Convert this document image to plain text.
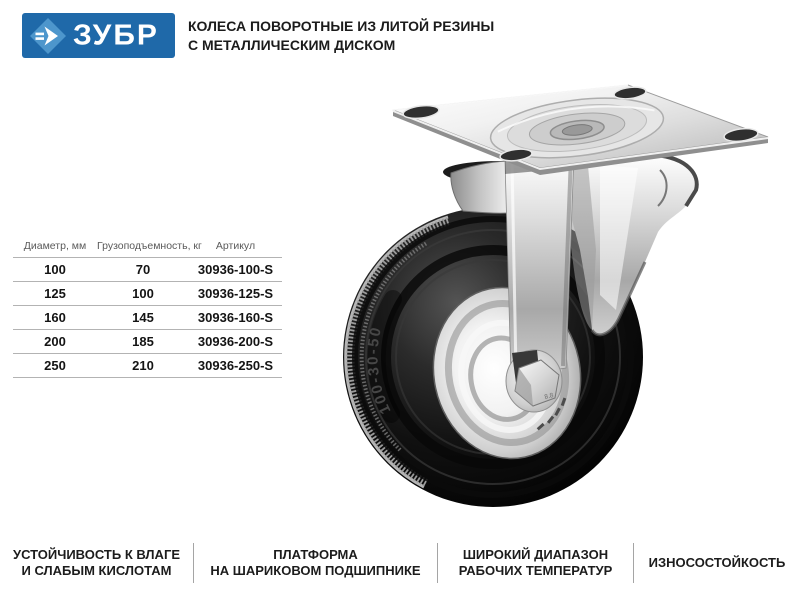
ЗУБР КОЛЕСА ПОВОРОТНЫЕ ИЗ ЛИТОЙ РЕЗИНЫ
С МЕТАЛЛИЧЕСКИМ ДИСКОМ
Диаметр, мм	Грузоподъемность, кг	Артикул
100	70	30936-100-S
125	100	30936-125-S
160	145	30936-160-S
200	185	30936-200-S
250	210	30936-250-S
100-30-50
8.8
УСТОЙЧИВОСТЬ К ВЛАГЕ
И СЛАБЫМ КИСЛОТАМ
ПЛАТФОРМА
НА ШАРИКОВОМ ПОДШИПНИКЕ
ШИРОКИЙ ДИАПАЗОН
РАБОЧИХ ТЕМПЕРАТУР
ИЗНОСОСТОЙКОСТЬ
